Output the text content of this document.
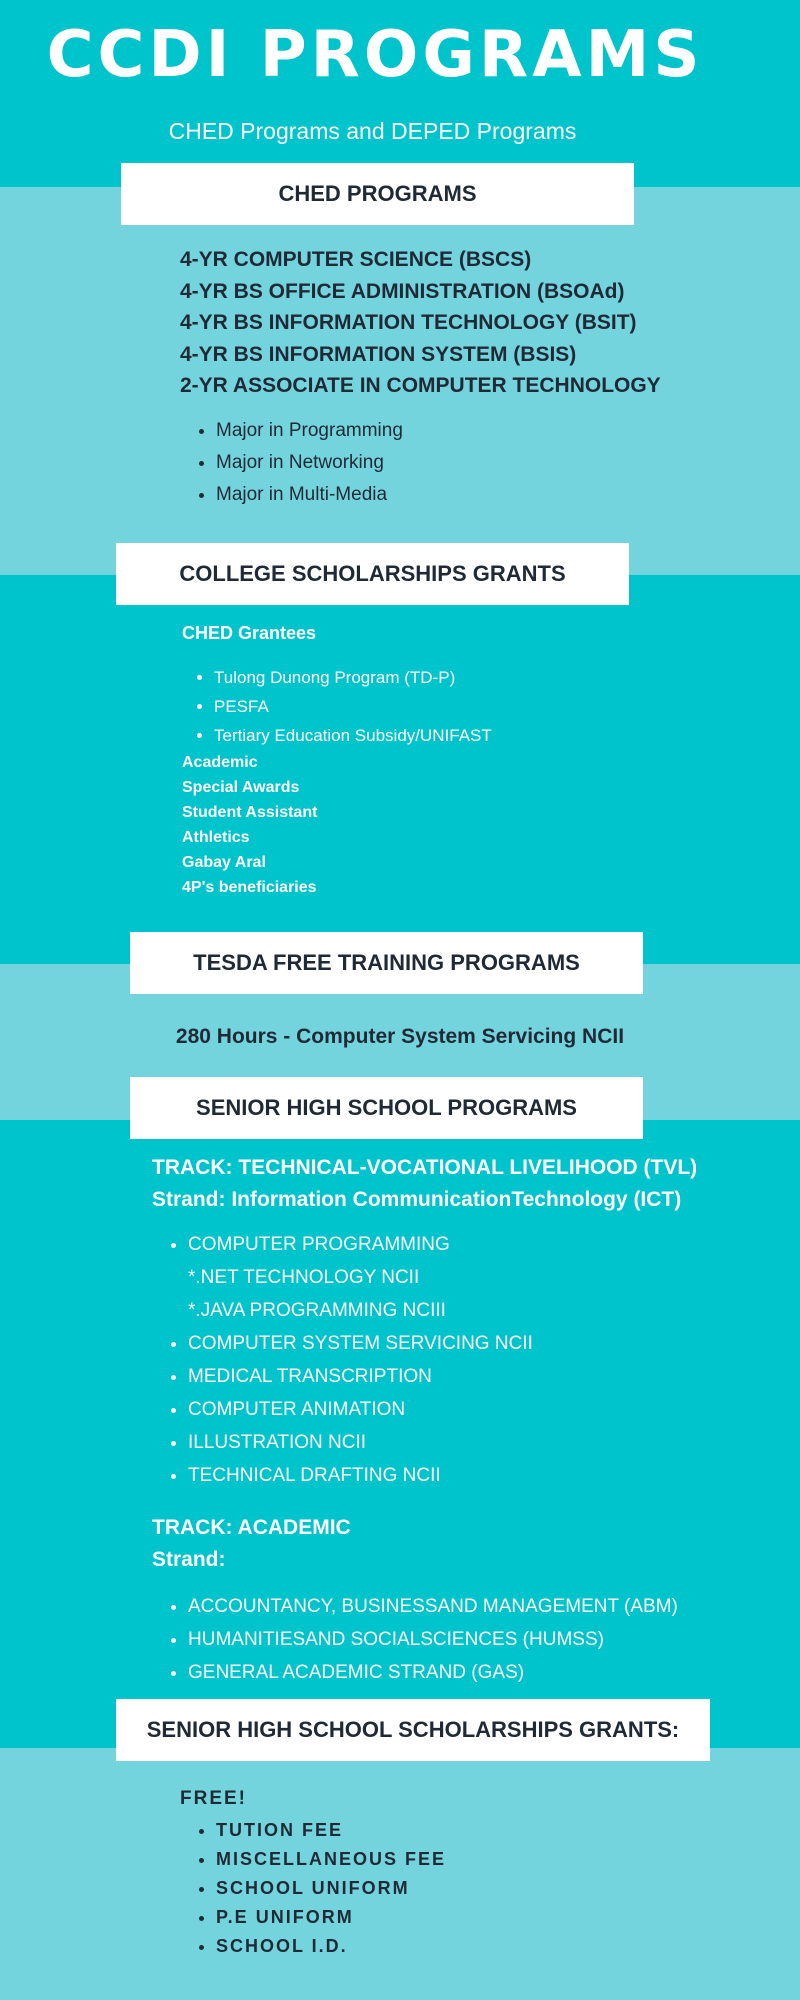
CCDI PROGRAMS
CHED Programs and DEPED Programs
CHED PROGRAMS
4-YR COMPUTER SCIENCE (BSCS)
4-YR BS OFFICE ADMINISTRATION (BSOAd)
4-YR BS INFORMATION TECHNOLOGY (BSIT)
4-YR BS INFORMATION SYSTEM (BSIS)
2-YR ASSOCIATE IN COMPUTER TECHNOLOGY
• Major in Programming
• Major in Networking
• Major in Multi-Media
COLLEGE SCHOLARSHIPS GRANTS
CHED Grantees
• Tulong Dunong Program (TD-P)
• PESFA
• Tertiary Education Subsidy/UNIFAST
Academic
Special Awards
Student Assistant
Athletics
Gabay Aral
4P's beneficiaries
TESDA FREE TRAINING PROGRAMS
280 Hours - Computer System Servicing NCII
SENIOR HIGH SCHOOL PROGRAMS
TRACK: TECHNICAL-VOCATIONAL LIVELIHOOD (TVL)
Strand: Information CommunicationTechnology (ICT)
• COMPUTER PROGRAMMING
*.NET TECHNOLOGY NCII
*.JAVA PROGRAMMING NCIII
• COMPUTER SYSTEM SERVICING NCII
• MEDICAL TRANSCRIPTION
• COMPUTER ANIMATION
• ILLUSTRATION NCII
• TECHNICAL DRAFTING NCII
TRACK: ACADEMIC
Strand:
• ACCOUNTANCY, BUSINESSAND MANAGEMENT (ABM)
• HUMANITIESAND SOCIALSCIENCES (HUMSS)
• GENERAL ACADEMIC STRAND (GAS)
SENIOR HIGH SCHOOL SCHOLARSHIPS GRANTS:
FREE!
• TUTION FEE
• MISCELLANEOUS FEE
• SCHOOL UNIFORM
• P.E UNIFORM
• SCHOOL I.D.
